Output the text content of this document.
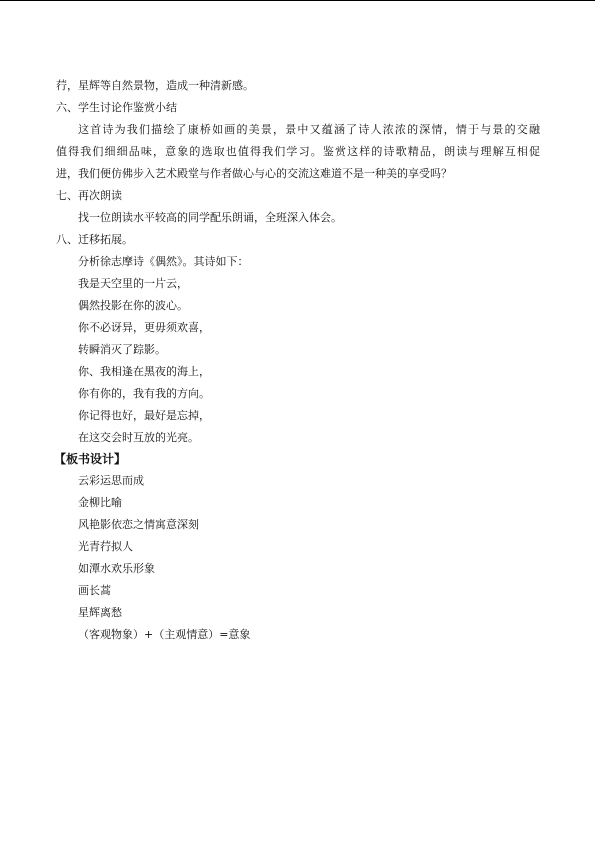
荇，星辉等自然景物，造成一种清新感。
六、学生讨论作鉴赏小结
这首诗为我们描绘了康桥如画的美景，景中又蕴涵了诗人浓浓的深情，情于与景的交融
值得我们细细品味，意象的选取也值得我们学习。鉴赏这样的诗歌精品，朗读与理解互相促
进，我们便仿佛步入艺术殿堂与作者做心与心的交流这难道不是一种美的享受吗？
七、再次朗读
找一位朗读水平较高的同学配乐朗诵，全班深入体会。
八、迁移拓展。
分析徐志摩诗《偶然》。其诗如下：
我是天空里的一片云，
偶然投影在你的波心。
你不必讶异，更毋须欢喜，
转瞬消灭了踪影。
你、我相逢在黑夜的海上，
你有你的，我有我的方向。
你记得也好，最好是忘掉，
在这交会时互放的光亮。
【板书设计】
云彩运思而成
金柳比喻
风艳影依恋之情寓意深刻
光青荇拟人
如潭水欢乐形象
画长蒿
星辉离愁
（客观物象）+（主观情意）=意象
